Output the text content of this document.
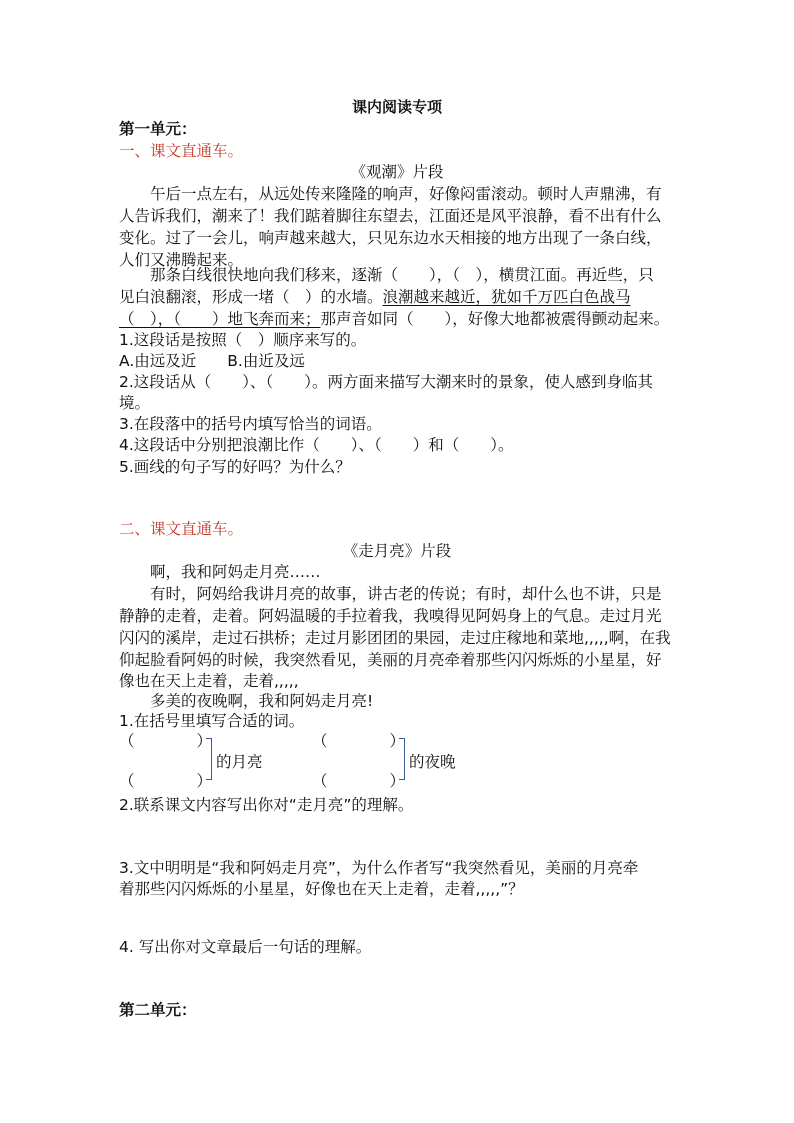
课内阅读专项

第一单元：

一、课文直通车。

《观潮》片段

午后一点左右，从远处传来隆隆的响声，好像闷雷滚动。顿时人声鼎沸，有

人告诉我们，潮来了！我们踮着脚往东望去，江面还是风平浪静，看不出有什么

变化。过了一会儿，响声越来越大，只见东边水天相接的地方出现了一条白线，

人们又沸腾起来。

那条白线很快地向我们移来，逐渐（　　），（　），横贯江面。再近些，只

见白浪翻滚，形成一堵（　）的水墙。浪潮越来越近，犹如千万匹白色战马

（　），（　　）地飞奔而来；那声音如同（　　），好像大地都被震得颤动起来。

1.这段话是按照（　）顺序来写的。

A.由远及近　　B.由近及远

2.这段话从（　　）、（　　）。两方面来描写大潮来时的景象，使人感到身临其

境。

3.在段落中的括号内填写恰当的词语。

4.这段话中分别把浪潮比作（　　）、（　　）和（　　）。

5.画线的句子写的好吗？为什么？

二、课文直通车。

《走月亮》片段

啊，我和阿妈走月亮……

有时，阿妈给我讲月亮的故事，讲古老的传说；有时，却什么也不讲，只是

静静的走着，走着。阿妈温暖的手拉着我，我嗅得见阿妈身上的气息。走过月光

闪闪的溪岸，走过石拱桥；走过月影团团的果园，走过庄稼地和菜地,,,,,啊，在我

仰起脸看阿妈的时候，我突然看见，美丽的月亮牵着那些闪闪烁烁的小星星，好

像也在天上走着，走着,,,,,

多美的夜晚啊，我和阿妈走月亮!

1.在括号里填写合适的词。

（　　　　）

（　　　　）

的月亮

（　　　　）

（　　　　）

的夜晚

2.联系课文内容写出你对“走月亮”的理解。

3.文中明明是“我和阿妈走月亮”，为什么作者写“我突然看见，美丽的月亮牵

着那些闪闪烁烁的小星星，好像也在天上走着，走着,,,,,”？

4. 写出你对文章最后一句话的理解。

第二单元：
